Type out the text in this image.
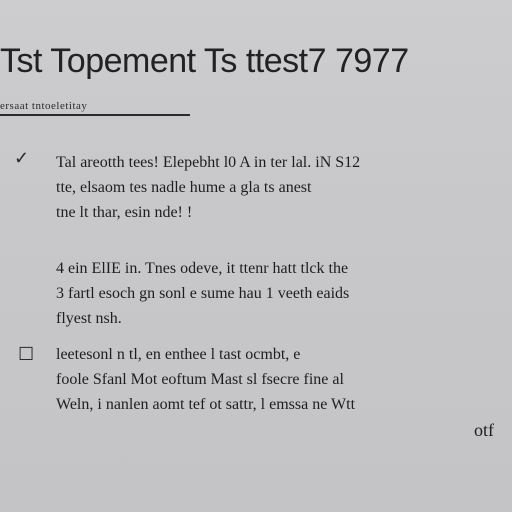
Tst Topement Ts ttest7 7977
ersaat tntoeletitay
✓ Tal areotth tees! Elepebht l0 A in ter lal. iN S12
tte, elsaom tes nadle hume a gla ts anest
tne lt thar, esin nde! !
4 ein ElIE in. Tnes odeve, it ttenr hatt tlck the
3 fartl esoch gn sonl e sume hau 1 veeth eaids
flyest nsh.
☐ leetesonl n tl, en enthee l tast ocmbt, e
foole Sfanl Mot eoftum Mast sl fsecre fine al
Weln, i nanlen aomt tef ot sattr, l emssa ne Wtt
otf
